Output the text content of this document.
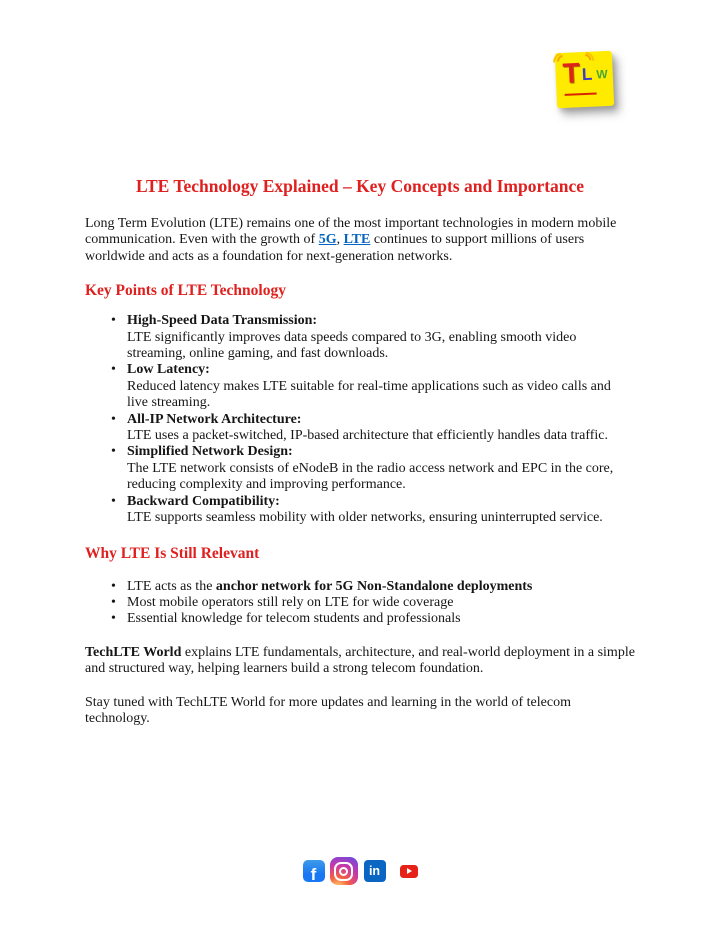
T L W
LTE Technology Explained – Key Concepts and Importance

Long Term Evolution (LTE) remains one of the most important technologies in modern mobile communication. Even with the growth of 5G, LTE continues to support millions of users worldwide and acts as a foundation for next-generation networks.

Key Points of LTE Technology
• High-Speed Data Transmission:
LTE significantly improves data speeds compared to 3G, enabling smooth video streaming, online gaming, and fast downloads.
• Low Latency:
Reduced latency makes LTE suitable for real-time applications such as video calls and live streaming.
• All-IP Network Architecture:
LTE uses a packet-switched, IP-based architecture that efficiently handles data traffic.
• Simplified Network Design:
The LTE network consists of eNodeB in the radio access network and EPC in the core, reducing complexity and improving performance.
• Backward Compatibility:
LTE supports seamless mobility with older networks, ensuring uninterrupted service.
Why LTE Is Still Relevant
• LTE acts as the anchor network for 5G Non-Standalone deployments
• Most mobile operators still rely on LTE for wide coverage
• Essential knowledge for telecom students and professionals

TechLTE World explains LTE fundamentals, architecture, and real-world deployment in a simple and structured way, helping learners build a strong telecom foundation.

Stay tuned with TechLTE World for more updates and learning in the world of telecom technology.

f	in
